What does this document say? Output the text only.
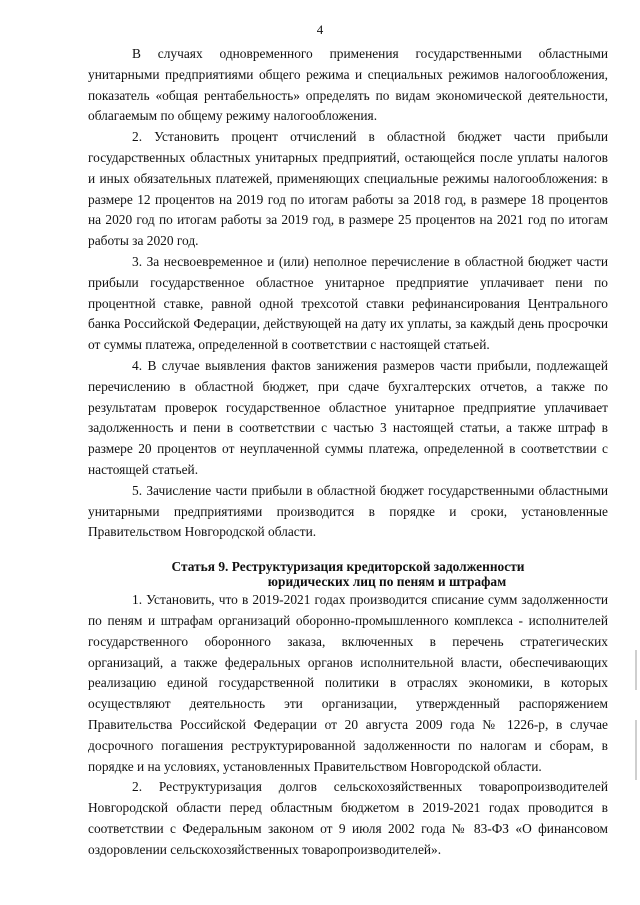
4

В случаях одновременного применения государственными областными унитарными предприятиями общего режима и специальных режимов налогообложения, показатель «общая рентабельность» определять по видам экономической деятельности, облагаемым по общему режиму налогообложения.

2. Установить процент отчислений в областной бюджет части прибыли государственных областных унитарных предприятий, остающейся после уплаты налогов и иных обязательных платежей, применяющих специальные режимы налогообложения: в размере 12 процентов на 2019 год по итогам работы за 2018 год, в размере 18 процентов на 2020 год по итогам работы за 2019 год, в размере 25 процентов на 2021 год по итогам работы за 2020 год.

3. За несвоевременное и (или) неполное перечисление в областной бюджет части прибыли государственное областное унитарное предприятие уплачивает пени по процентной ставке, равной одной трехсотой ставки рефинансирования Центрального банка Российской Федерации, действующей на дату их уплаты, за каждый день просрочки от суммы платежа, определенной в соответствии с настоящей статьей.

4. В случае выявления фактов занижения размеров части прибыли, подлежащей перечислению в областной бюджет, при сдаче бухгалтерских отчетов, а также по результатам проверок государственное областное унитарное предприятие уплачивает задолженность и пени в соответствии с частью 3 настоящей статьи, а также штраф в размере 20 процентов от неуплаченной суммы платежа, определенной в соответствии с настоящей статьей.

5. Зачисление части прибыли в областной бюджет государственными областными унитарными предприятиями производится в порядке и сроки, установленные Правительством Новгородской области.

Статья 9. Реструктуризация кредиторской задолженности
юридических лиц по пеням и штрафам

1. Установить, что в 2019-2021 годах производится списание сумм задолженности по пеням и штрафам организаций оборонно-промышленного комплекса - исполнителей государственного оборонного заказа, включенных в перечень стратегических организаций, а также федеральных органов исполнительной власти, обеспечивающих реализацию единой государственной политики в отраслях экономики, в которых осуществляют деятельность эти организации, утвержденный распоряжением Правительства Российской Федерации от 20 августа 2009 года № 1226-р, в случае досрочного погашения реструктурированной задолженности по налогам и сборам, в порядке и на условиях, установленных Правительством Новгородской области.

2. Реструктуризация долгов сельскохозяйственных товаропроизводителей Новгородской области перед областным бюджетом в 2019-2021 годах проводится в соответствии с Федеральным законом от 9 июля 2002 года № 83-ФЗ «О финансовом оздоровлении сельскохозяйственных товаропроизводителей».
